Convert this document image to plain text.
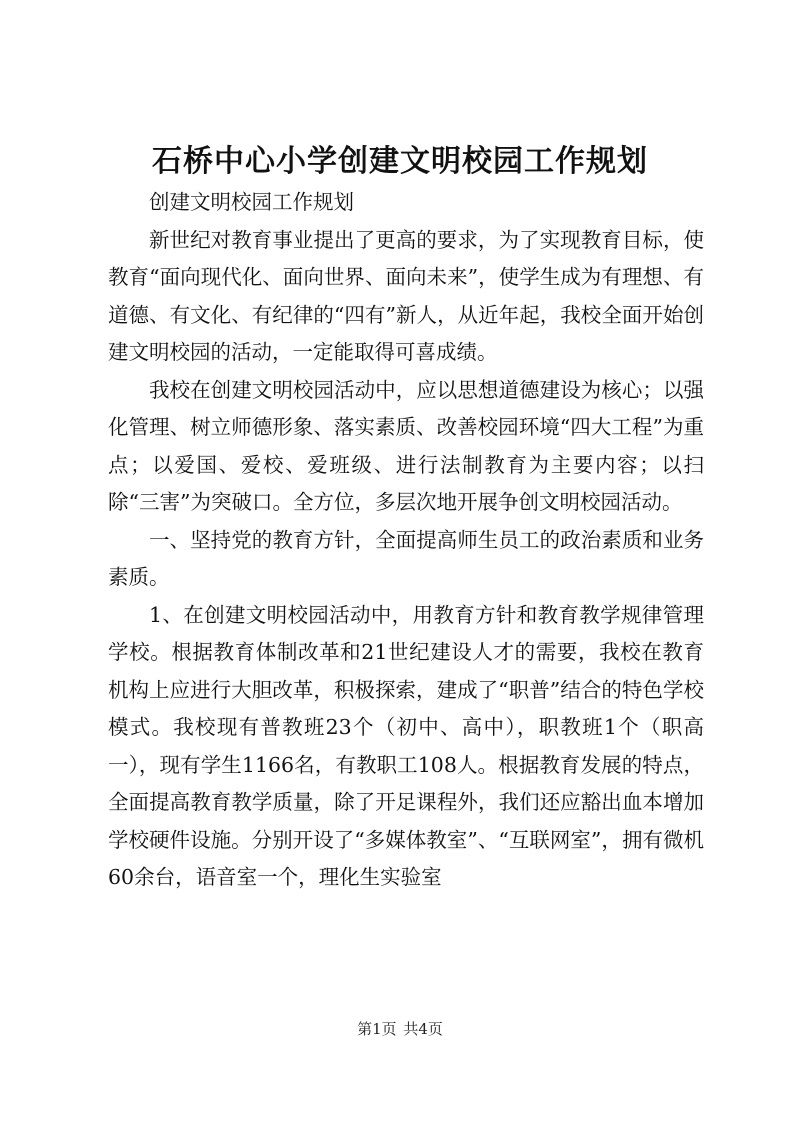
石桥中心小学创建文明校园工作规划

创建文明校园工作规划

新世纪对教育事业提出了更高的要求，为了实现教育目标，使教育“面向现代化、面向世界、面向未来”，使学生成为有理想、有道德、有文化、有纪律的“四有”新人，从近年起，我校全面开始创建文明校园的活动，一定能取得可喜成绩。

我校在创建文明校园活动中，应以思想道德建设为核心；以强化管理、树立师德形象、落实素质、改善校园环境“四大工程”为重点；以爱国、爱校、爱班级、进行法制教育为主要内容；以扫除“三害”为突破口。全方位，多层次地开展争创文明校园活动。

一、坚持党的教育方针，全面提高师生员工的政治素质和业务素质。

1、在创建文明校园活动中，用教育方针和教育教学规律管理学校。根据教育体制改革和21世纪建设人才的需要，我校在教育机构上应进行大胆改革，积极探索，建成了“职普”结合的特色学校模式。我校现有普教班23个（初中、高中），职教班1个（职高一），现有学生1166名，有教职工108人。根据教育发展的特点，全面提高教育教学质量，除了开足课程外，我们还应豁出血本增加学校硬件设施。分别开设了“多媒体教室”、“互联网室”，拥有微机60余台，语音室一个，理化生实验室

第1页 共4页
